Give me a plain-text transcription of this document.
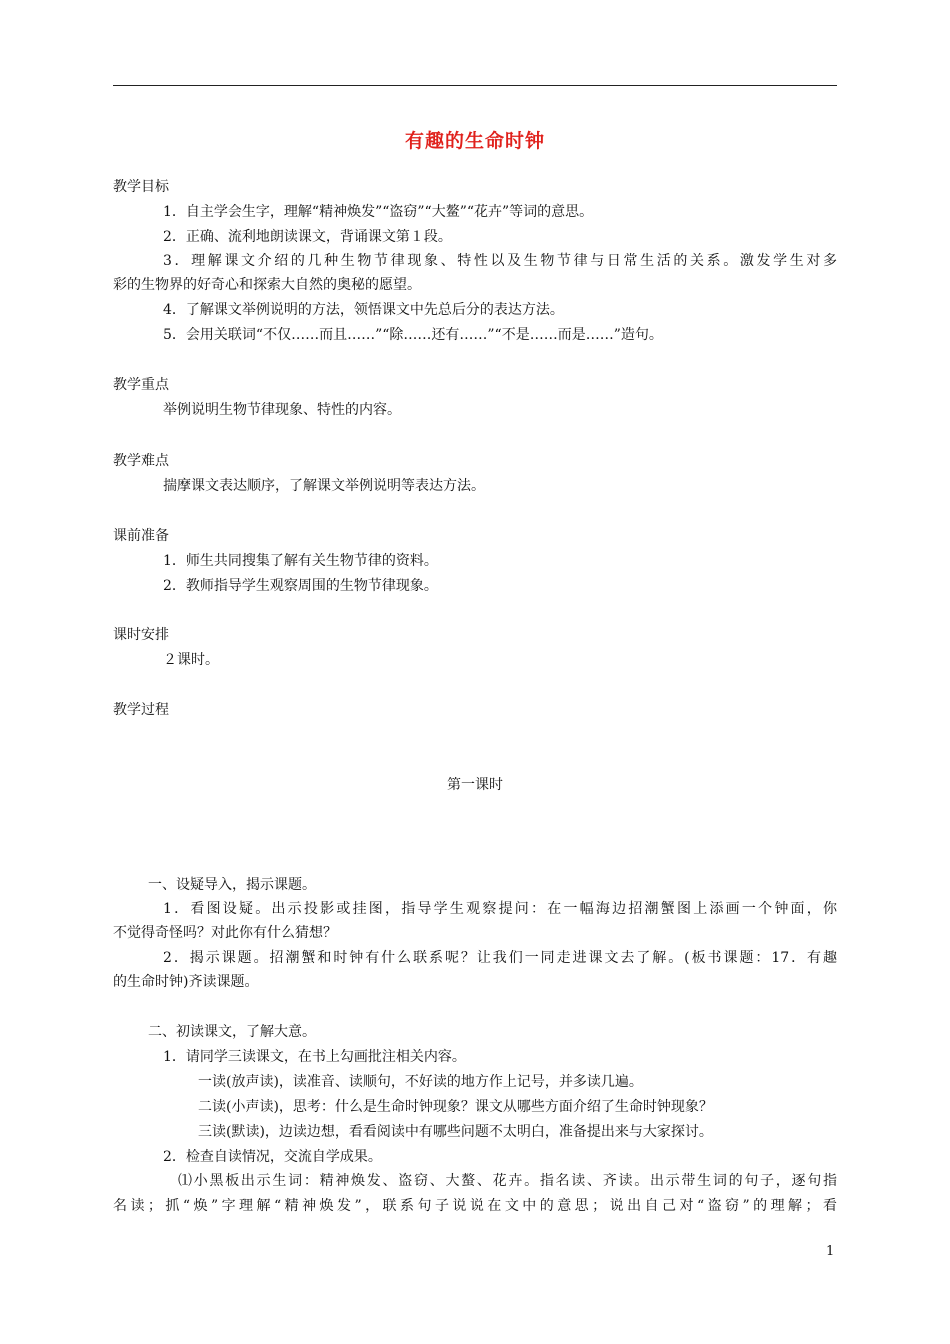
有趣的生命时钟
教学目标
1．自主学会生字，理解“精神焕发”“盗窃”“大鳌”“花卉”等词的意思。
2．正确、流利地朗读课文，背诵课文第１段。
3．理解课文介绍的几种生物节律现象、特性以及生物节律与日常生活的关系。激发学生对多
彩的生物界的好奇心和探索大自然的奥秘的愿望。
4．了解课文举例说明的方法，领悟课文中先总后分的表达方法。
5．会用关联词“不仅……而且……”“除……还有……”“不是……而是……”造句。
教学重点
举例说明生物节律现象、特性的内容。
教学难点
揣摩课文表达顺序，了解课文举例说明等表达方法。
课前准备
1．师生共同搜集了解有关生物节律的资料。
2．教师指导学生观察周围的生物节律现象。
课时安排
２课时。
教学过程
第一课时
一、设疑导入，揭示课题。
1．看图设疑。出示投影或挂图，指导学生观察提问：在一幅海边招潮蟹图上添画一个钟面，你
不觉得奇怪吗？对此你有什么猜想？
2．揭示课题。招潮蟹和时钟有什么联系呢？让我们一同走进课文去了解。(板书课题：17．有趣
的生命时钟)齐读课题。
二、初读课文，了解大意。
1．请同学三读课文，在书上勾画批注相关内容。
一读(放声读)，读准音、读顺句，不好读的地方作上记号，并多读几遍。
二读(小声读)，思考：什么是生命时钟现象？课文从哪些方面介绍了生命时钟现象？
三读(默读)，边读边想，看看阅读中有哪些问题不太明白，准备提出来与大家探讨。
2．检查自读情况，交流自学成果。
⑴小黑板出示生词：精神焕发、盗窃、大螯、花卉。指名读、齐读。出示带生词的句子，逐句指
名读；抓“焕”字理解“精神焕发”，联系句子说说在文中的意思；说出自己对“盗窃”的理解；看
1
